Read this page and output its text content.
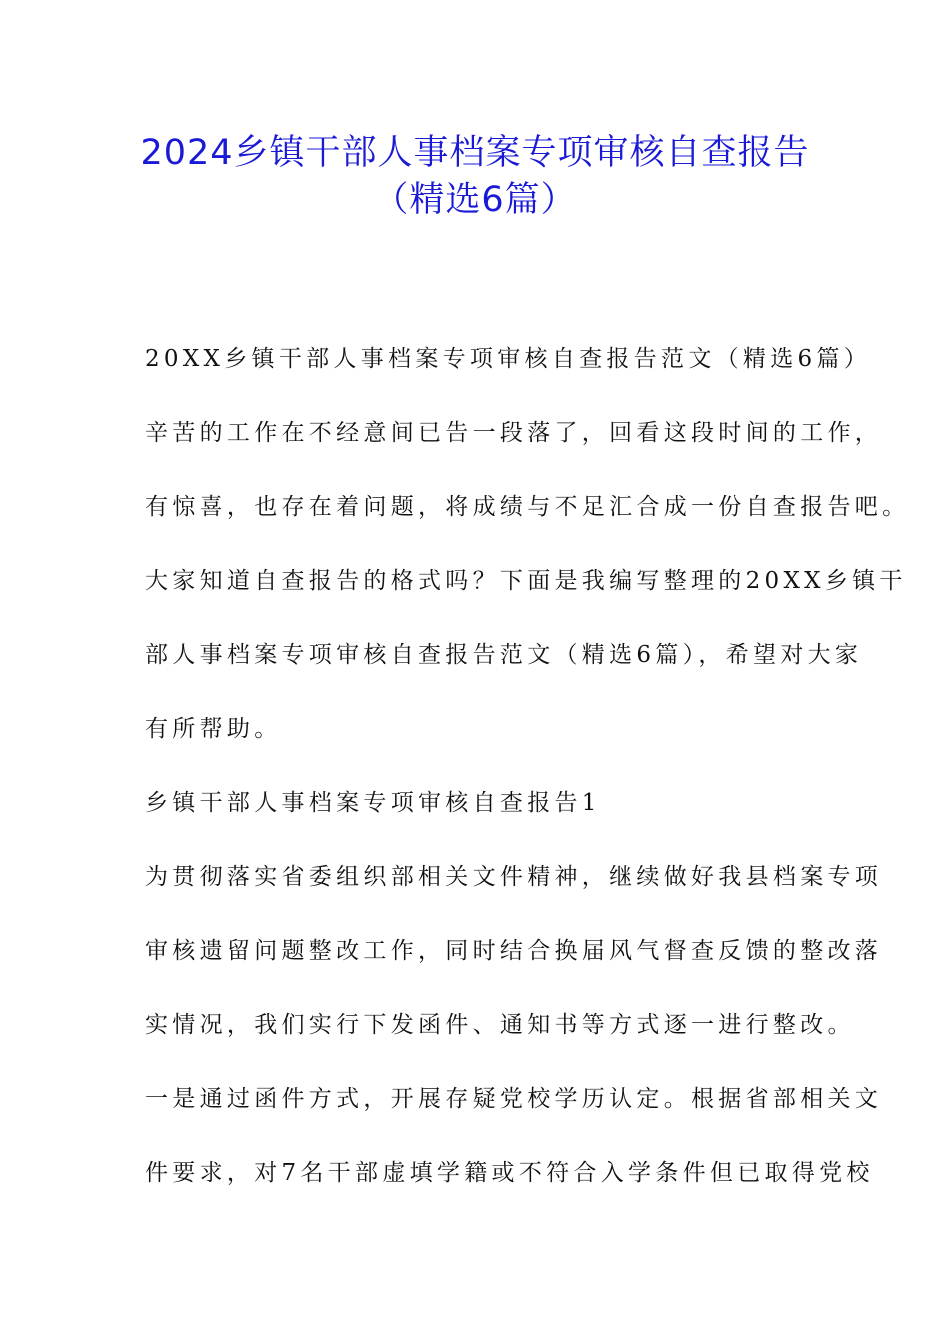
2024乡镇干部人事档案专项审核自查报告
（精选6篇）
20XX乡镇干部人事档案专项审核自查报告范文（精选6篇）
辛苦的工作在不经意间已告一段落了，回看这段时间的工作，
有惊喜，也存在着问题，将成绩与不足汇合成一份自查报告吧。
大家知道自查报告的格式吗？下面是我编写整理的20XX乡镇干
部人事档案专项审核自查报告范文（精选6篇），希望对大家
有所帮助。
乡镇干部人事档案专项审核自查报告1
为贯彻落实省委组织部相关文件精神，继续做好我县档案专项
审核遗留问题整改工作，同时结合换届风气督查反馈的整改落
实情况，我们实行下发函件、通知书等方式逐一进行整改。
一是通过函件方式，开展存疑党校学历认定。根据省部相关文
件要求，对7名干部虚填学籍或不符合入学条件但已取得党校
